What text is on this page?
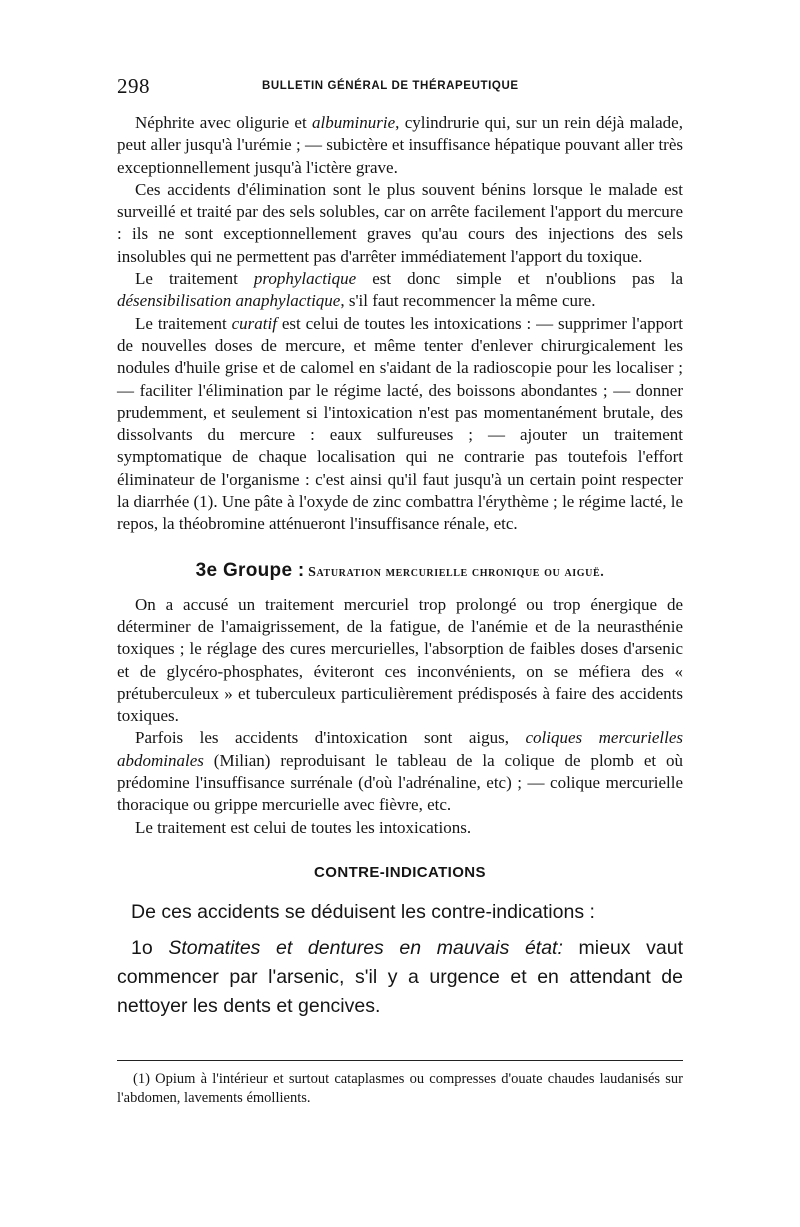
298	BULLETIN GÉNÉRAL DE THÉRAPEUTIQUE

Néphrite avec oligurie et albuminurie, cylindrurie qui, sur un rein déjà malade, peut aller jusqu'à l'urémie ; — subictère et insuffisance hépatique pouvant aller très exceptionnellement jusqu'à l'ictère grave.

Ces accidents d'élimination sont le plus souvent bénins lorsque le malade est surveillé et traité par des sels solubles, car on arrête facilement l'apport du mercure : ils ne sont exceptionnellement graves qu'au cours des injections des sels insolubles qui ne permettent pas d'arrêter immédiatement l'apport du toxique.

Le traitement prophylactique est donc simple et n'oublions pas la désensibilisation anaphylactique, s'il faut recommencer la même cure.

Le traitement curatif est celui de toutes les intoxications : — supprimer l'apport de nouvelles doses de mercure, et même tenter d'enlever chirurgicalement les nodules d'huile grise et de calomel en s'aidant de la radioscopie pour les localiser ; — faciliter l'élimination par le régime lacté, des boissons abondantes ; — donner prudemment, et seulement si l'intoxication n'est pas momentanément brutale, des dissolvants du mercure : eaux sulfureuses ; — ajouter un traitement symptomatique de chaque localisation qui ne contrarie pas toutefois l'effort éliminateur de l'organisme : c'est ainsi qu'il faut jusqu'à un certain point respecter la diarrhée (1). Une pâte à l'oxyde de zinc combattra l'érythème ; le régime lacté, le repos, la théobromine atténueront l'insuffisance rénale, etc.

3e Groupe : Saturation mercurielle chronique ou aiguë.

On a accusé un traitement mercuriel trop prolongé ou trop énergique de déterminer de l'amaigrissement, de la fatigue, de l'anémie et de la neurasthénie toxiques ; le réglage des cures mercurielles, l'absorption de faibles doses d'arsenic et de glycéro-phosphates, éviteront ces inconvénients, on se méfiera des « prétuberculeux » et tuberculeux particulièrement prédisposés à faire des accidents toxiques.

Parfois les accidents d'intoxication sont aigus, coliques mercurielles abdominales (Milian) reproduisant le tableau de la colique de plomb et où prédomine l'insuffisance surrénale (d'où l'adrénaline, etc) ; — colique mercurielle thoracique ou grippe mercurielle avec fièvre, etc.

Le traitement est celui de toutes les intoxications.

CONTRE-INDICATIONS

De ces accidents se déduisent les contre-indications :

1o Stomatites et dentures en mauvais état: mieux vaut commencer par l'arsenic, s'il y a urgence et en attendant de nettoyer les dents et gencives.

(1) Opium à l'intérieur et surtout cataplasmes ou compresses d'ouate chaudes laudanisés sur l'abdomen, lavements émollients.
